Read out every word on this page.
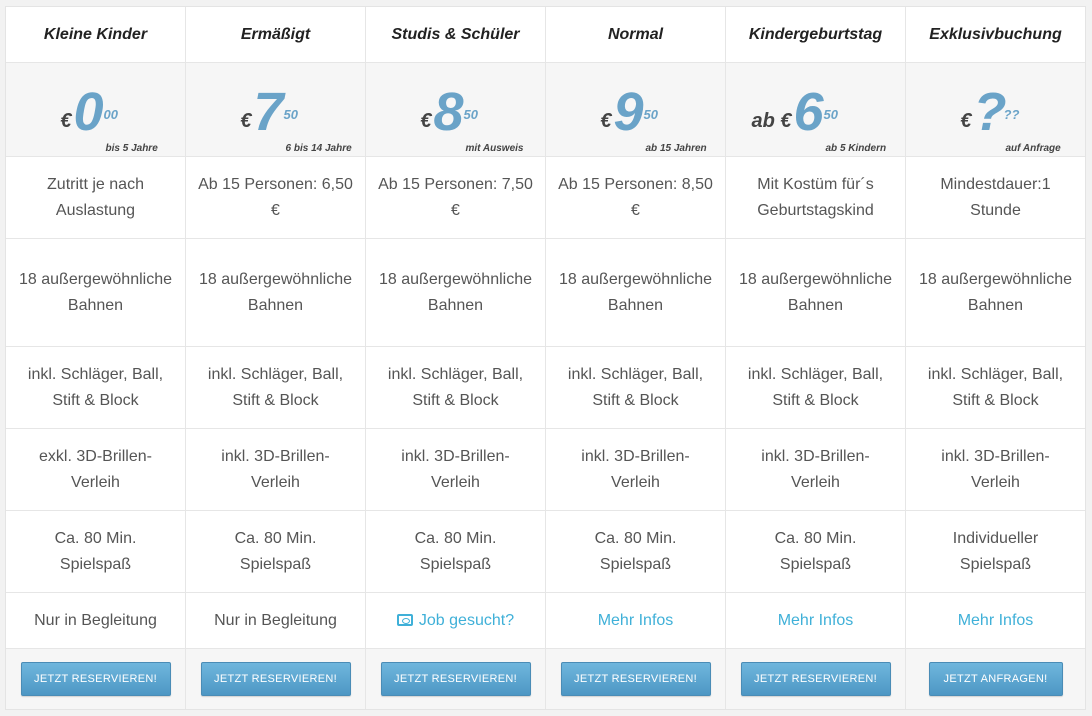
Kleine Kinder
€ 0 00
bis 5 Jahre
Zutritt je nach Auslastung
18 außergewöhnliche Bahnen
inkl. Schläger, Ball, Stift & Block
exkl. 3D-Brillen-Verleih
Ca. 80 Min. Spielspaß
Nur in Begleitung
JETZT RESERVIEREN!
Ermäßigt
€ 7 50
6 bis 14 Jahre
Ab 15 Personen: 6,50 €
18 außergewöhnliche Bahnen
inkl. Schläger, Ball, Stift & Block
inkl. 3D-Brillen-Verleih
Ca. 80 Min. Spielspaß
Nur in Begleitung
JETZT RESERVIEREN!
Studis & Schüler
€ 8 50
mit Ausweis
Ab 15 Personen: 7,50 €
18 außergewöhnliche Bahnen
inkl. Schläger, Ball, Stift & Block
inkl. 3D-Brillen-Verleih
Ca. 80 Min. Spielspaß
Job gesucht?
JETZT RESERVIEREN!
Normal
€ 9 50
ab 15 Jahren
Ab 15 Personen: 8,50 €
18 außergewöhnliche Bahnen
inkl. Schläger, Ball, Stift & Block
inkl. 3D-Brillen-Verleih
Ca. 80 Min. Spielspaß
Mehr Infos
JETZT RESERVIEREN!
Kindergeburtstag
ab € 6 50
ab 5 Kindern
Mit Kostüm für´s Geburtstagskind
18 außergewöhnliche Bahnen
inkl. Schläger, Ball, Stift & Block
inkl. 3D-Brillen-Verleih
Ca. 80 Min. Spielspaß
Mehr Infos
JETZT RESERVIEREN!
Exklusivbuchung
€ ?
??
auf Anfrage
Mindestdauer:1 Stunde
18 außergewöhnliche Bahnen
inkl. Schläger, Ball, Stift & Block
inkl. 3D-Brillen-Verleih
Individueller Spielspaß
Mehr Infos
JETZT ANFRAGEN!
